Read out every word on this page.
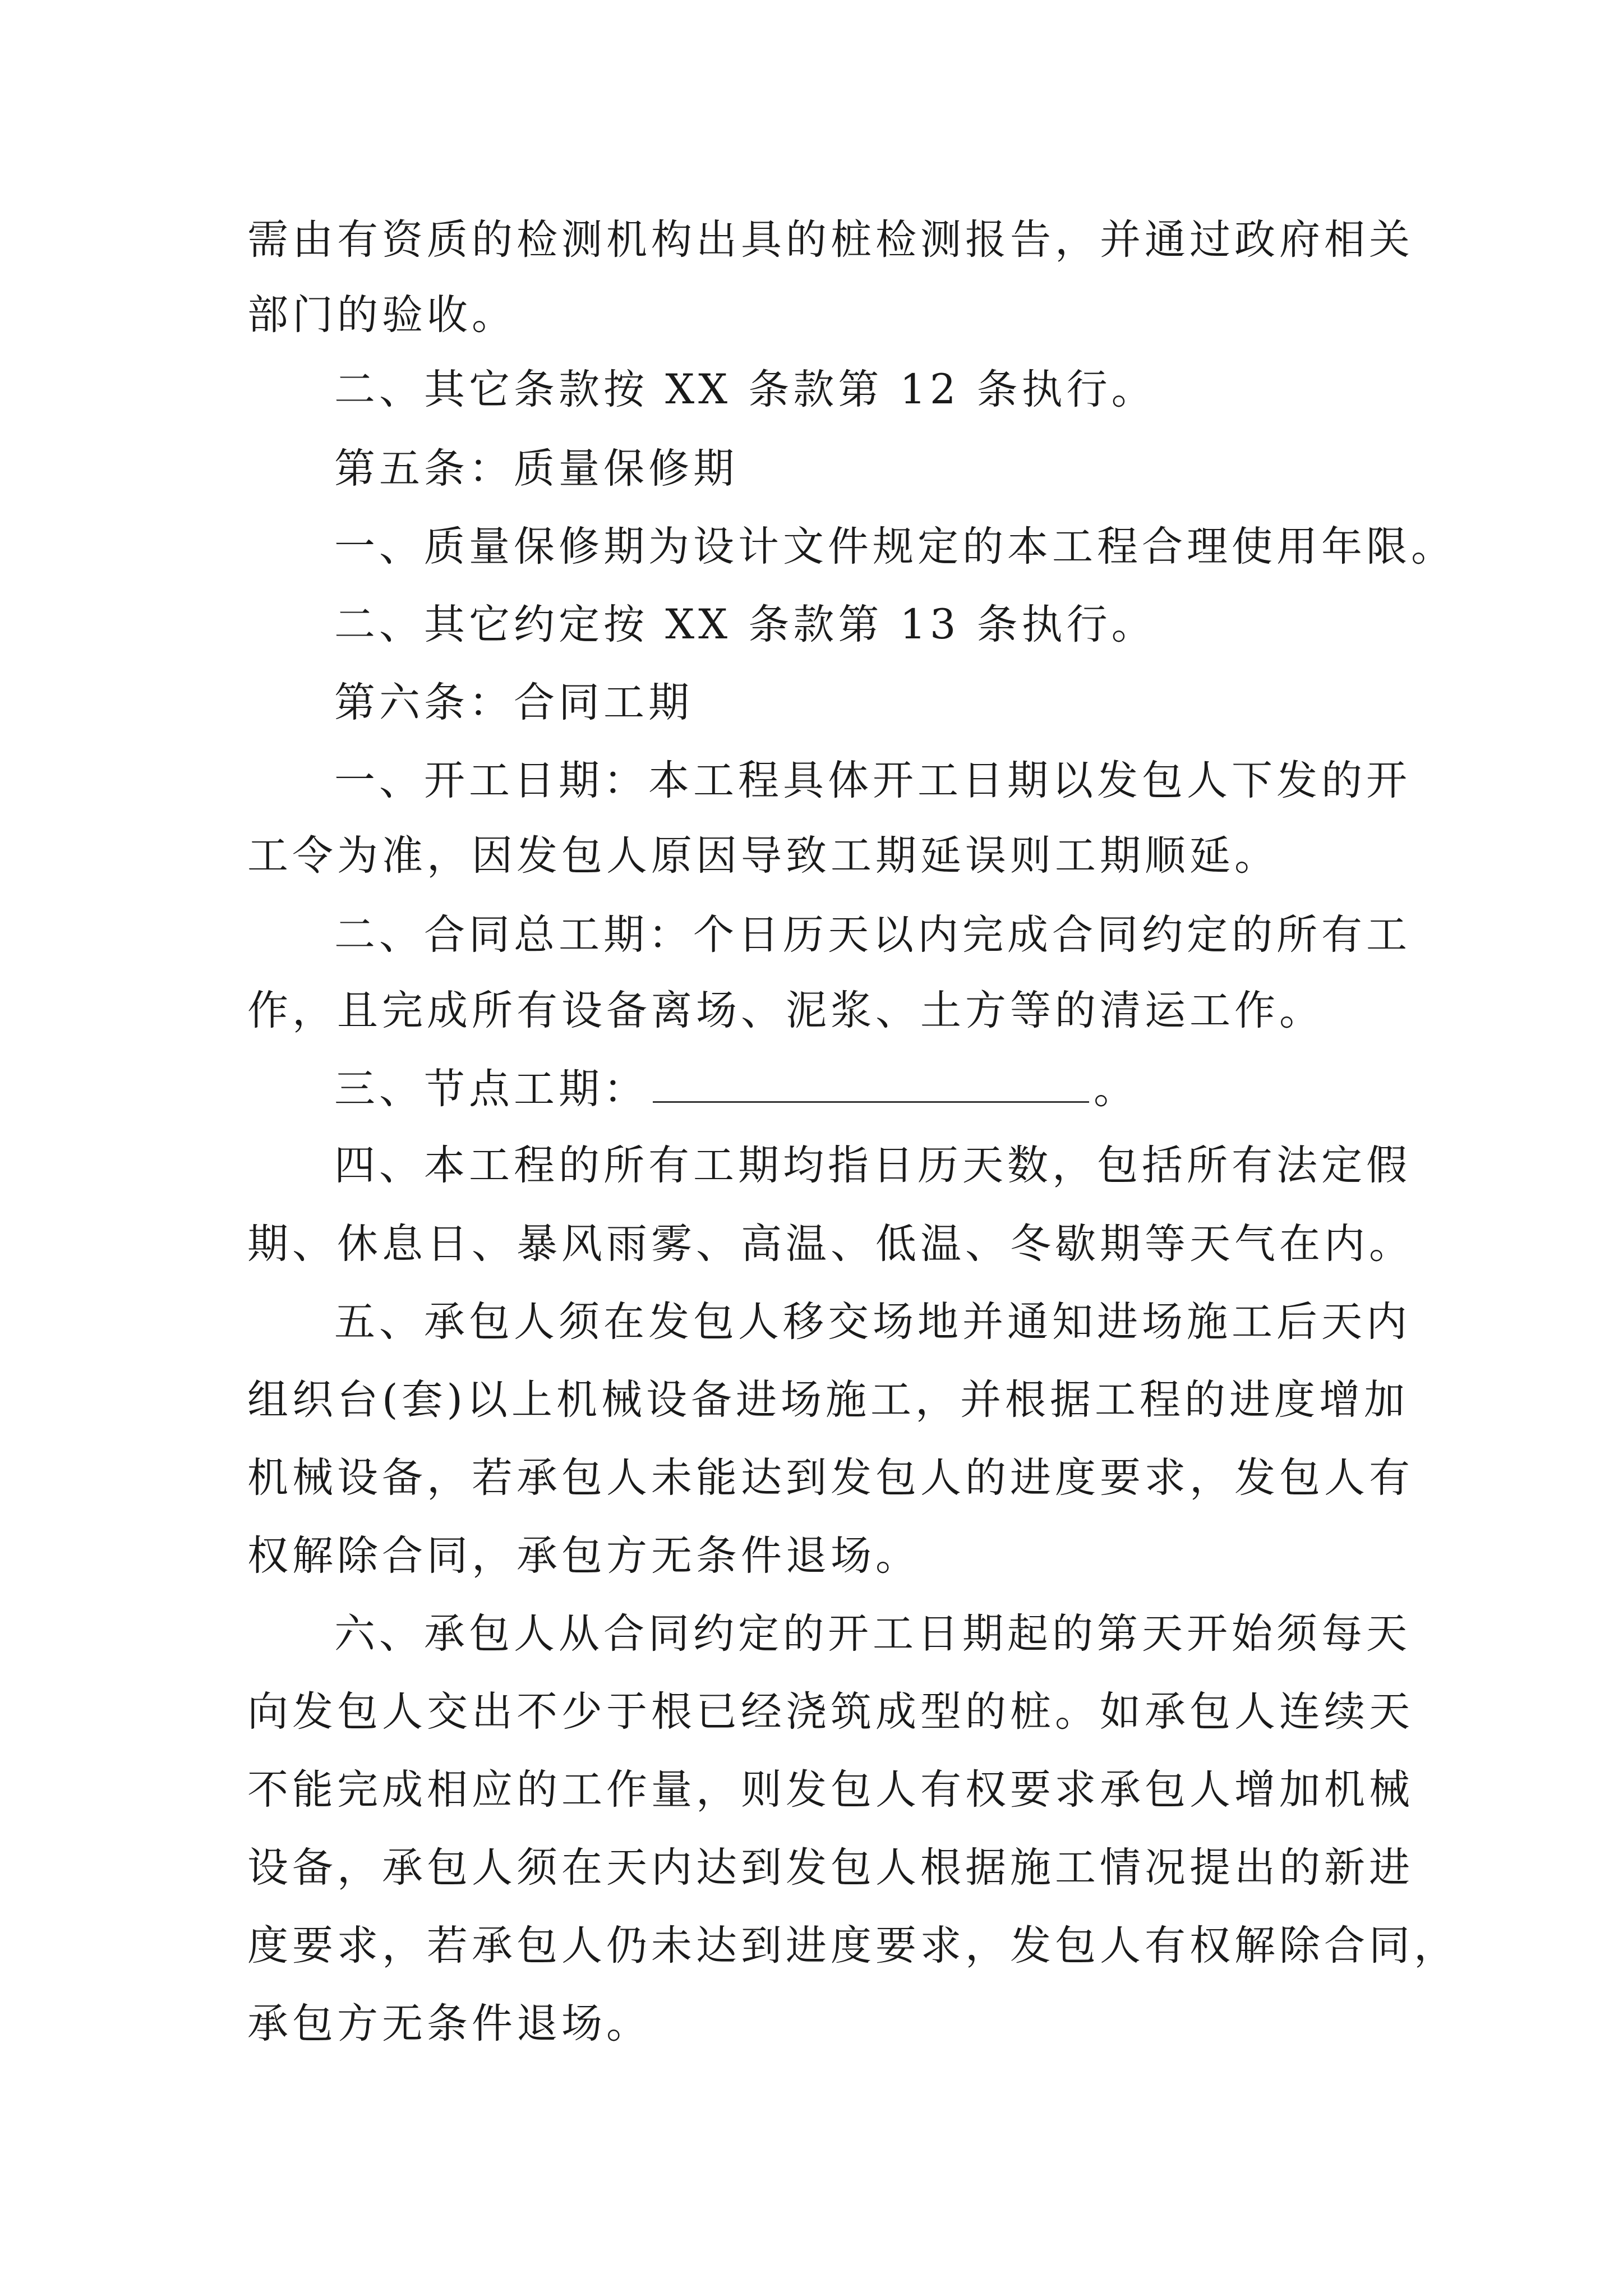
需由有资质的检测机构出具的桩检测报告，并通过政府相关
部门的验收。
二、其它条款按 XX 条款第 12 条执行。
第五条：质量保修期
一、质量保修期为设计文件规定的本工程合理使用年限。
二、其它约定按 XX 条款第 13 条执行。
第六条：合同工期
一、开工日期：本工程具体开工日期以发包人下发的开
工令为准，因发包人原因导致工期延误则工期顺延。
二、合同总工期：个日历天以内完成合同约定的所有工
作，且完成所有设备离场、泥浆、土方等的清运工作。
三、节点工期：	。
四、本工程的所有工期均指日历天数，包括所有法定假
期、休息日、暴风雨雾、高温、低温、冬歇期等天气在内。
五、承包人须在发包人移交场地并通知进场施工后天内
组织台(套)以上机械设备进场施工，并根据工程的进度增加
机械设备，若承包人未能达到发包人的进度要求，发包人有
权解除合同，承包方无条件退场。
六、承包人从合同约定的开工日期起的第天开始须每天
向发包人交出不少于根已经浇筑成型的桩。如承包人连续天
不能完成相应的工作量，则发包人有权要求承包人增加机械
设备，承包人须在天内达到发包人根据施工情况提出的新进
度要求，若承包人仍未达到进度要求，发包人有权解除合同，
承包方无条件退场。
